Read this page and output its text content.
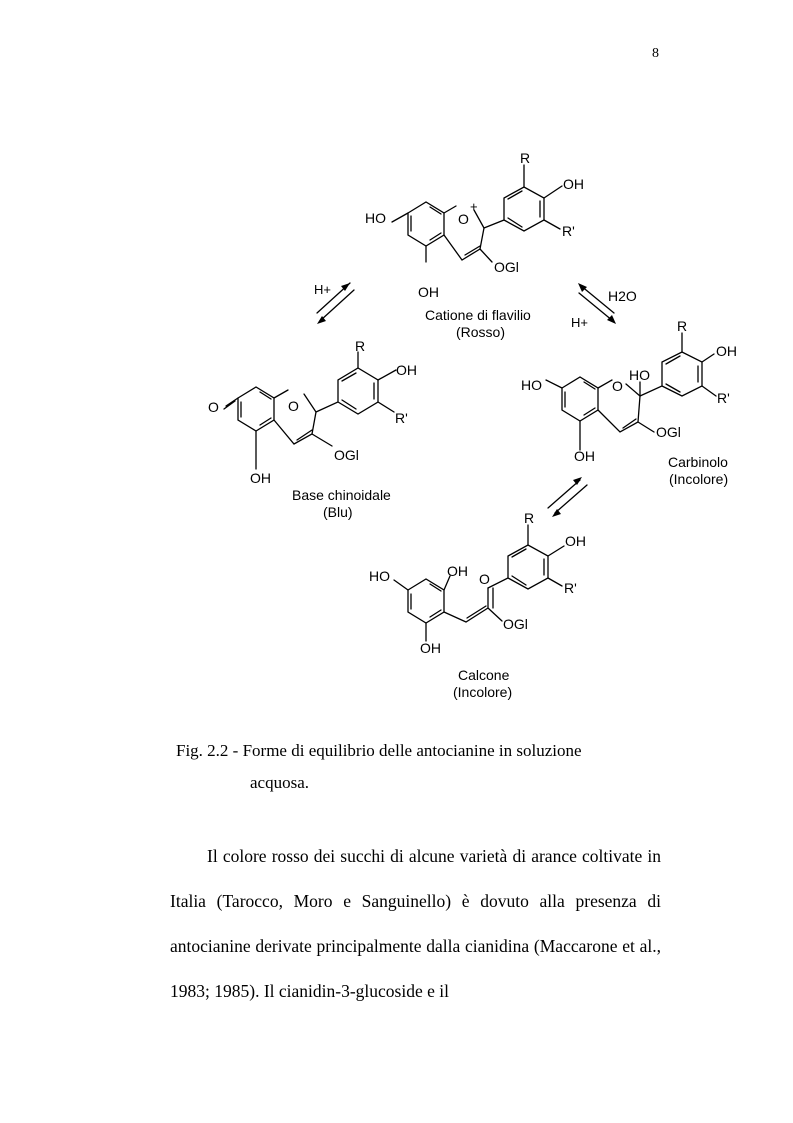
8
HO	O
+
R
OH
R'
OGl
OH
Catione di flavilio
(Rosso)
H+	H2O
H+
O	O
R
OH
R'
OGl
OH
Base chinoidale
(Blu)
HO	O
HO
R
OH
R'
OGl
OH	Carbinolo
(Incolore)
HO	OH O
R
OH
R'
OGl
OH
Calcone
(Incolore)
Fig. 2.2 - Forme di equilibrio delle antocianine in soluzione
acquosa.

Il colore rosso dei succhi di alcune varietà di arance coltivate in Italia (Tarocco, Moro e Sanguinello) è dovuto alla presenza di antocianine derivate principalmente dalla cianidina (Maccarone et al., 1983; 1985). Il cianidin-3-glucoside e il
